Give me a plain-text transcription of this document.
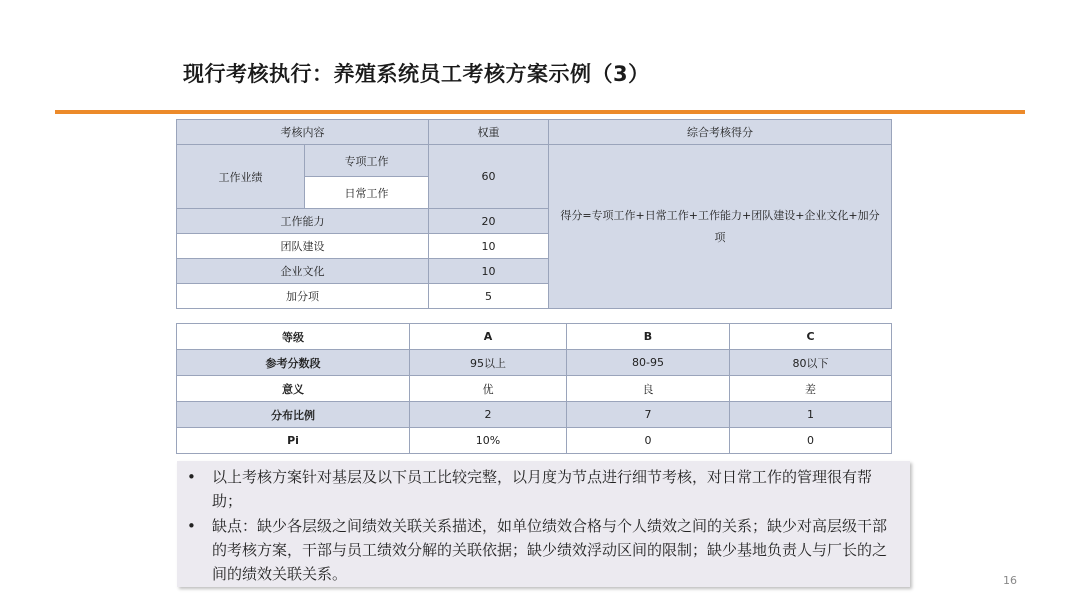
现行考核执行：养殖系统员工考核方案示例（3）
考核内容		权重	综合考核得分
工作业绩	专项工作	60	得分=专项工作+日常工作+工作能力+团队建设+企业文化+加分项
	日常工作		
工作能力		20	
团队建设		10	
企业文化		10	
加分项		5	
等级	A	B	C
参考分数段	95以上	80-95	80以下
意义	优	良	差
分布比例	2	7	1
Pi	10%	0	0
• 以上考核方案针对基层及以下员工比较完整，以月度为节点进行细节考核，对日常工作的管理很有帮助；
• 缺点：缺少各层级之间绩效关联关系描述，如单位绩效合格与个人绩效之间的关系；缺少对高层级干部的考核方案，干部与员工绩效分解的关联依据；缺少绩效浮动区间的限制；缺少基地负责人与厂长的之间的绩效关联关系。	16
